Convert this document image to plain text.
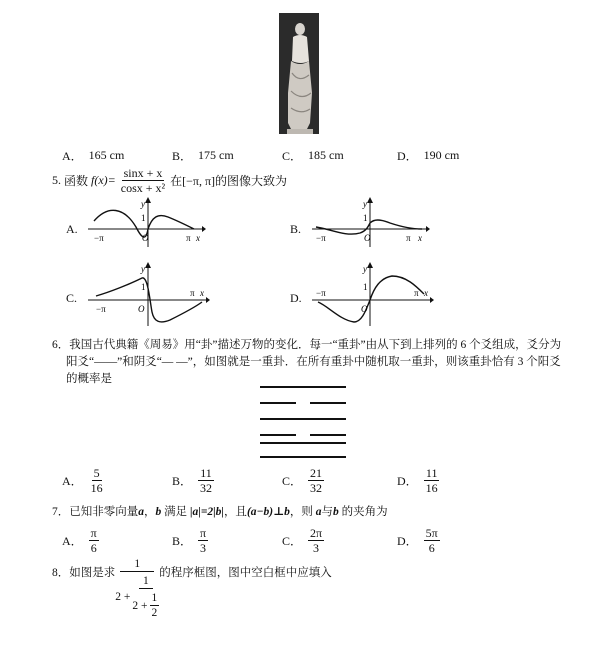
A． 165 cm	B． 175 cm	C． 185 cm	D． 190 cm
5. 函数 $f(x)= \frac{\sin x + x}{\text{cosx + x²}}$ 在[−π, π]的图像大致为
A.	B.
C.	D.
y
1
O
−π	π x
y
1
O
−π	π x
y
1
O
−π
π x
y
1
O
−π	π x
6．我国古代典籍《周易》用“卦”描述万物的变化．每一“重卦”由从下到上排列的 6 个爻组成，爻分为
阳爻“——”和阴爻“— —”，如图就是一重卦．在所有重卦中随机取一重卦，则该重卦恰有 3 个阳爻
的概率是
A． $\frac{5}{16}$	B． $\frac{11}{32}$	C． $\frac{21}{32}$	D． $\frac{11}{16}$
7．已知非零向量a，b 满足 |a|=2|b|，且(a−b)⊥b，则 a与b 的夹角为
A． $\frac{\pi}{6}$	B． $\frac{\pi}{3}$	C． $\frac{2\pi}{3}$	D． $\frac{5\pi}{6}$
8．如图是求
1
$2 + \frac{1}{2 + \frac{1}{2}}$
的程序框图，图中空白框中应填入
